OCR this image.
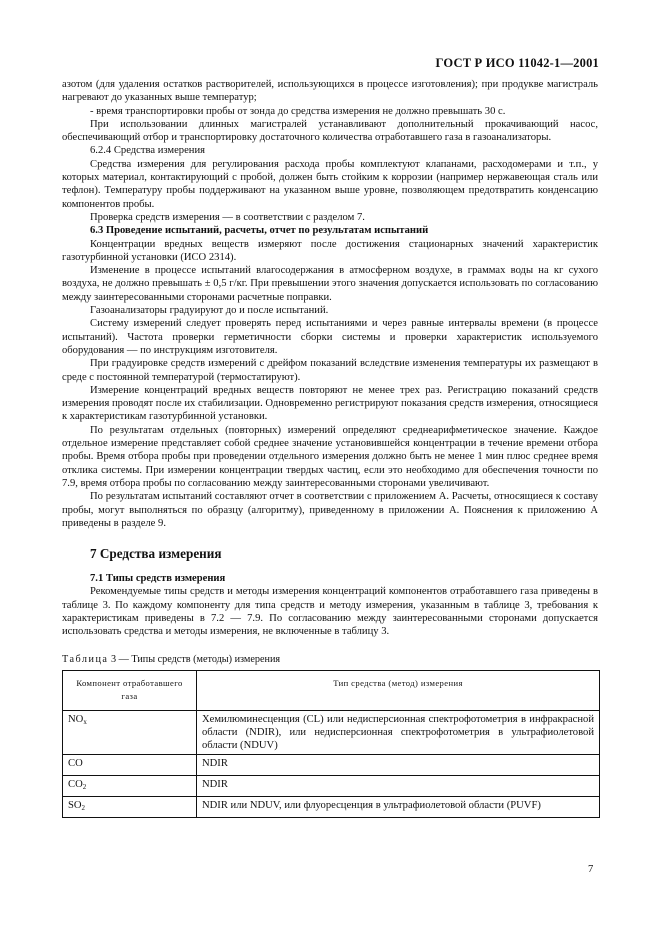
ГОСТ Р ИСО 11042-1—2001

азотом (для удаления остатков растворителей, использующихся в процессе изготовления); при продукве магистраль нагревают до указанных выше температур;

- время транспортировки пробы от зонда до средства измерения не должно превышать 30 с.

При использовании длинных магистралей устанавливают дополнительный прокачивающий насос, обеспечивающий отбор и транспортировку достаточного количества отработавшего газа в газоанализаторы.

6.2.4 Средства измерения

Средства измерения для регулирования расхода пробы комплектуют клапанами, расходомерами и т.п., у которых материал, контактирующий с пробой, должен быть стойким к коррозии (например нержавеющая сталь или тефлон). Температуру пробы поддерживают на указанном выше уровне, позволяющем предотвратить конденсацию компонентов пробы.

Проверка средств измерения — в соответствии с разделом 7.

6.3 Проведение испытаний, расчеты, отчет по результатам испытаний

Концентрации вредных веществ измеряют после достижения стационарных значений характеристик газотурбинной установки (ИСО 2314).

Изменение в процессе испытаний влагосодержания в атмосферном воздухе, в граммах воды на кг сухого воздуха, не должно превышать ± 0,5 г/кг. При превышении этого значения допускается использовать по согласованию между заинтересованными сторонами расчетные поправки.

Газоанализаторы градуируют до и после испытаний.

Систему измерений следует проверять перед испытаниями и через равные интервалы времени (в процессе испытаний). Частота проверки герметичности сборки системы и проверки характеристик используемого оборудования — по инструкциям изготовителя.

При градуировке средств измерений с дрейфом показаний вследствие изменения температуры их размещают в среде с постоянной температурой (термостатируют).

Измерение концентраций вредных веществ повторяют не менее трех раз. Регистрацию показаний средств измерения проводят после их стабилизации. Одновременно регистрируют показания средств измерения, относящиеся к характеристикам газотурбинной установки.

По результатам отдельных (повторных) измерений определяют среднеарифметическое значение. Каждое отдельное измерение представляет собой среднее значение установившейся концентрации в течение времени отбора пробы. Время отбора пробы при проведении отдельного измерения должно быть не менее 1 мин плюс среднее время отклика системы. При измерении концентрации твердых частиц, если это необходимо для обеспечения точности по 7.9, время отбора пробы по согласованию между заинтересованными сторонами увеличивают.

По результатам испытаний составляют отчет в соответствии с приложением А. Расчеты, относящиеся к составу пробы, могут выполняться по образцу (алгоритму), приведенному в приложении А. Пояснения к приложению А приведены в разделе 9.

7 Средства измерения

7.1 Типы средств измерения

Рекомендуемые типы средств и методы измерения концентраций компонентов отработавшего газа приведены в таблице 3. По каждому компоненту для типа средств и методу измерения, указанным в таблице 3, требования к характеристикам приведены в 7.2 — 7.9. По согласованию между заинтересованными сторонами допускается использовать средства и методы измерения, не включенные в таблицу 3.

Таблица 3 — Типы средств (методы) измерения

Компонент отработавшего газа	Тип средства (метод) измерения
$NO_x$	Хемилюминесценция (CL) или недисперсионная спектрофотометрия в инфракрасной области (NDIR), или недисперсионная спектрофотометрия в ультрафиолетовой области (NDUV)
CO	NDIR
$CO_2$	NDIR
$SO_2$	NDIR или NDUV, или флуоресценция в ультрафиолетовой области (PUVF)
7
